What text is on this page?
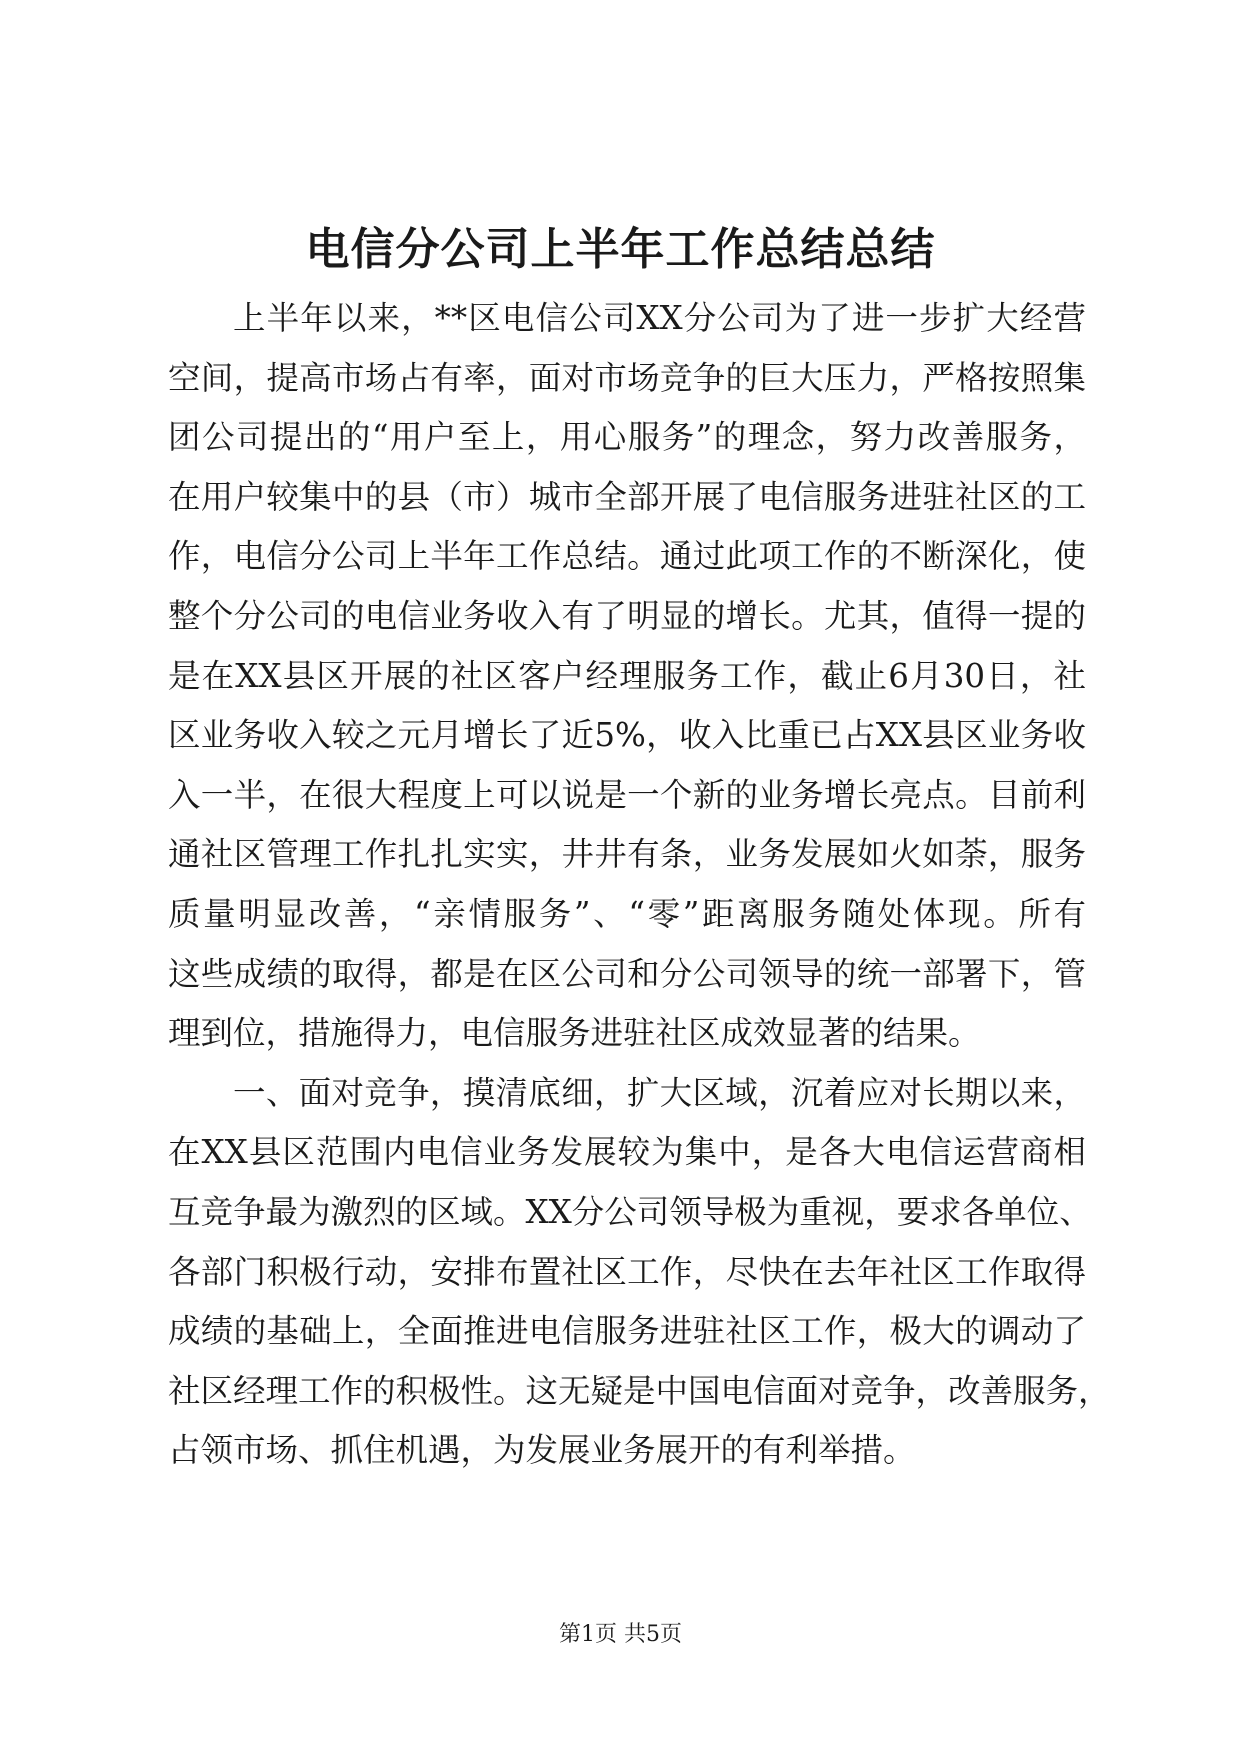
电信分公司上半年工作总结总结
上半年以来，**区电信公司XX分公司为了进一步扩大经营
空间，提高市场占有率，面对市场竞争的巨大压力，严格按照集
团公司提出的“用户至上，用心服务”的理念，努力改善服务，
在用户较集中的县（市）城市全部开展了电信服务进驻社区的工
作，电信分公司上半年工作总结。通过此项工作的不断深化，使
整个分公司的电信业务收入有了明显的增长。尤其，值得一提的
是在XX县区开展的社区客户经理服务工作，截止6月30日，社
区业务收入较之元月增长了近5%，收入比重已占XX县区业务收
入一半，在很大程度上可以说是一个新的业务增长亮点。目前利
通社区管理工作扎扎实实，井井有条，业务发展如火如荼，服务
质量明显改善，“亲情服务”、“零”距离服务随处体现。所有
这些成绩的取得，都是在区公司和分公司领导的统一部署下，管
理到位，措施得力，电信服务进驻社区成效显著的结果。
一、面对竞争，摸清底细，扩大区域，沉着应对长期以来，
在XX县区范围内电信业务发展较为集中，是各大电信运营商相
互竞争最为激烈的区域。XX分公司领导极为重视，要求各单位、
各部门积极行动，安排布置社区工作，尽快在去年社区工作取得
成绩的基础上，全面推进电信服务进驻社区工作，极大的调动了
社区经理工作的积极性。这无疑是中国电信面对竞争，改善服务，
占领市场、抓住机遇，为发展业务展开的有利举措。
第1页 共5页
